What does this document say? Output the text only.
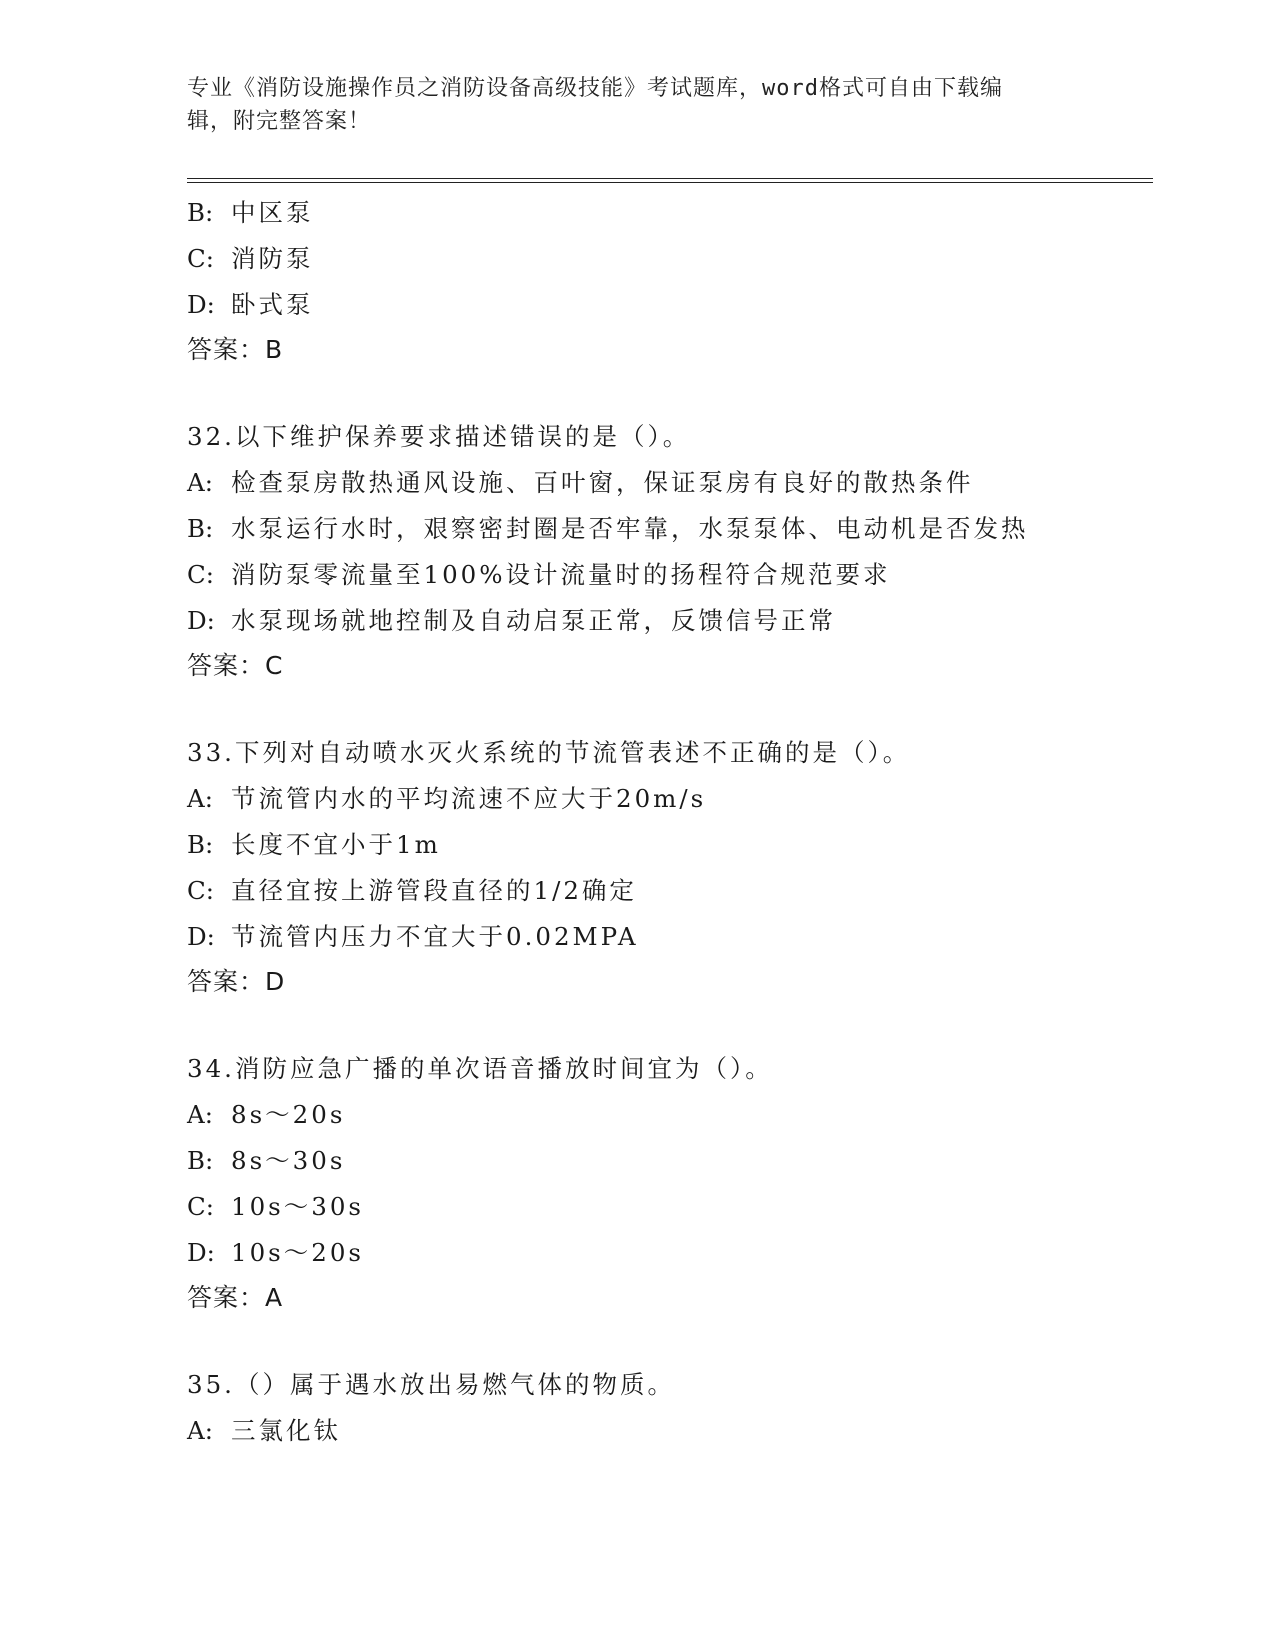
专业《消防设施操作员之消防设备高级技能》考试题库，word格式可自由下载编
辑，附完整答案！
B: 中区泵
C: 消防泵
D: 卧式泵
答案：B
32.以下维护保养要求描述错误的是（）。
A: 检查泵房散热通风设施、百叶窗，保证泵房有良好的散热条件
B: 水泵运行水时，艰察密封圈是否牢靠，水泵泵体、电动机是否发热
C: 消防泵零流量至100%设计流量时的扬程符合规范要求
D: 水泵现场就地控制及自动启泵正常，反馈信号正常
答案：C
33.下列对自动喷水灭火系统的节流管表述不正确的是（）。
A: 节流管内水的平均流速不应大于20m/s
B: 长度不宜小于1m
C: 直径宜按上游管段直径的1/2确定
D: 节流管内压力不宜大于0.02MPA
答案：D
34.消防应急广播的单次语音播放时间宜为（）。
A: 8s～20s
B: 8s～30s
C: 10s～30s
D: 10s～20s
答案：A
35.（）属于遇水放出易燃气体的物质。
A: 三氯化钛
